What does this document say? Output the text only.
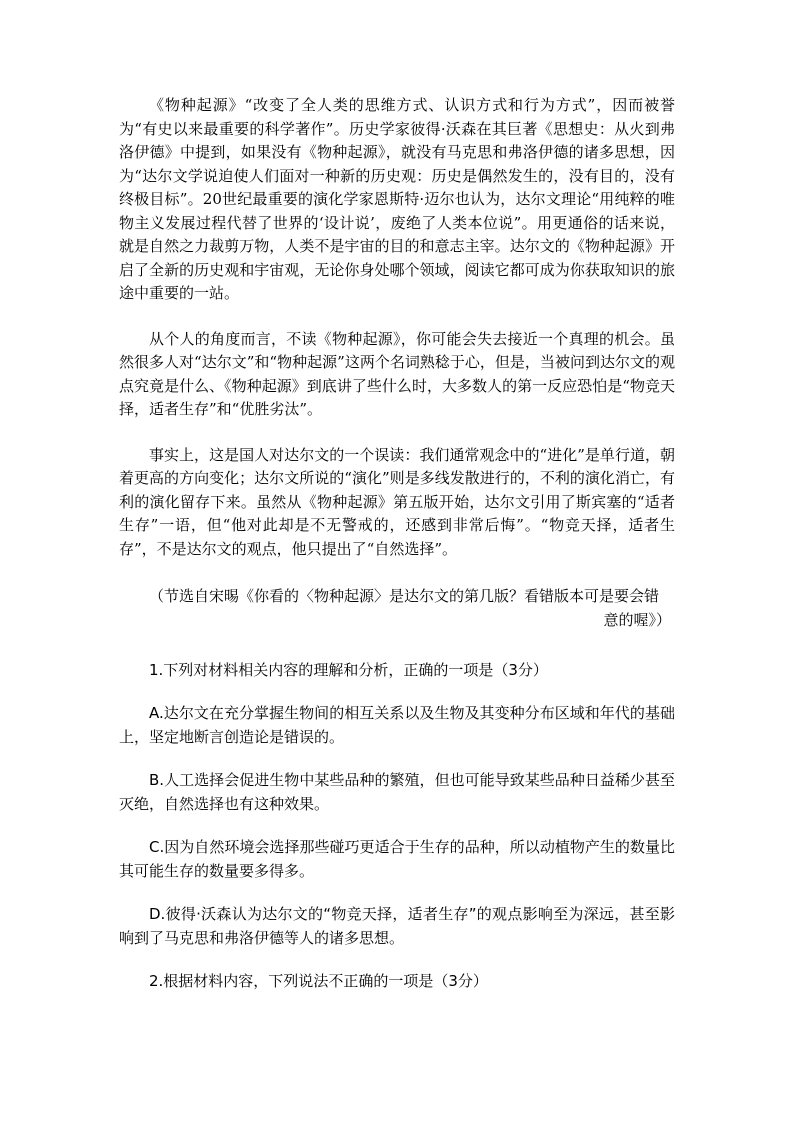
《物种起源》“改变了全人类的思维方式、认识方式和行为方式”，因而被誉为“有史以来最重要的科学著作”。历史学家彼得·沃森在其巨著《思想史：从火到弗洛伊德》中提到，如果没有《物种起源》，就没有马克思和弗洛伊德的诸多思想，因为“达尔文学说迫使人们面对一种新的历史观：历史是偶然发生的，没有目的，没有终极目标”。20世纪最重要的演化学家恩斯特·迈尔也认为，达尔文理论“用纯粹的唯物主义发展过程代替了世界的‘设计说’，废绝了人类本位说”。用更通俗的话来说，就是自然之力裁剪万物，人类不是宇宙的目的和意志主宰。达尔文的《物种起源》开启了全新的历史观和宇宙观，无论你身处哪个领域，阅读它都可成为你获取知识的旅途中重要的一站。

从个人的角度而言，不读《物种起源》，你可能会失去接近一个真理的机会。虽然很多人对“达尔文”和“物种起源”这两个名词熟稔于心，但是，当被问到达尔文的观点究竟是什么、《物种起源》到底讲了些什么时，大多数人的第一反应恐怕是“物竞天择，适者生存”和“优胜劣汰”。

事实上，这是国人对达尔文的一个误读：我们通常观念中的“进化”是单行道，朝着更高的方向变化；达尔文所说的“演化”则是多线发散进行的，不利的演化消亡，有利的演化留存下来。虽然从《物种起源》第五版开始，达尔文引用了斯宾塞的“适者生存”一语，但“他对此却是不无警戒的，还感到非常后悔”。“物竞天择，适者生存”，不是达尔文的观点，他只提出了“自然选择”。

（节选自宋晹《你看的〈物种起源〉是达尔文的第几版？看错版本可是要会错
意的喔》）

1.下列对材料相关内容的理解和分析，正确的一项是（3分）

A.达尔文在充分掌握生物间的相互关系以及生物及其变种分布区域和年代的基础上，坚定地断言创造论是错误的。

B.人工选择会促进生物中某些品种的繁殖，但也可能导致某些品种日益稀少甚至灭绝，自然选择也有这种效果。

C.因为自然环境会选择那些碰巧更适合于生存的品种，所以动植物产生的数量比其可能生存的数量要多得多。

D.彼得·沃森认为达尔文的“物竞天择，适者生存”的观点影响至为深远，甚至影响到了马克思和弗洛伊德等人的诸多思想。

2.根据材料内容，下列说法不正确的一项是（3分）
